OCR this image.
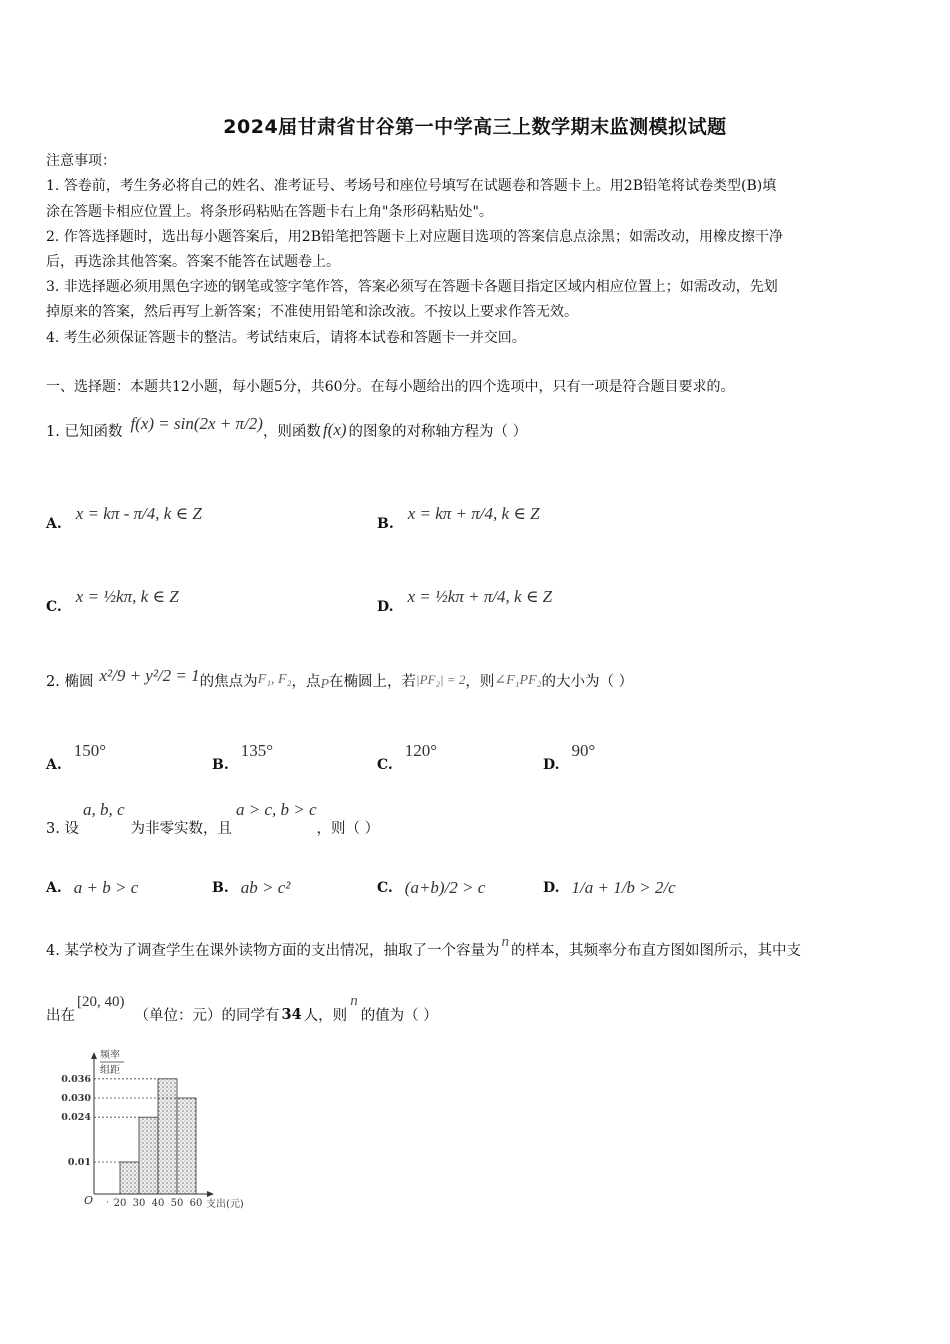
2024届甘肃省甘谷第一中学高三上数学期末监测模拟试题
注意事项：
1. 答卷前，考生务必将自己的姓名、准考证号、考场号和座位号填写在试题卷和答题卡上。用2B铅笔将试卷类型(B)填
涂在答题卡相应位置上。将条形码粘贴在答题卡右上角"条形码粘贴处"。
2. 作答选择题时，选出每小题答案后，用2B铅笔把答题卡上对应题目选项的答案信息点涂黑；如需改动，用橡皮擦干净
后，再选涂其他答案。答案不能答在试题卷上。
3. 非选择题必须用黑色字迹的钢笔或签字笔作答，答案必须写在答题卡各题目指定区域内相应位置上；如需改动，先划
掉原来的答案，然后再写上新答案；不准使用铅笔和涂改液。不按以上要求作答无效。
4. 考生必须保证答题卡的整洁。考试结束后，请将本试卷和答题卡一并交回。
一、选择题：本题共12小题，每小题5分，共60分。在每小题给出的四个选项中，只有一项是符合题目要求的。
1. 已知函数 f(x) = sin(2x + π/2) ，则函数 f(x) 的图象的对称轴方程为（ ）
A.
x = kπ - π/4, k ∈ Z
B.
x = kπ + π/4, k ∈ Z
C.
x = ½kπ, k ∈ Z
D.
x = ½kπ + π/4, k ∈ Z
2. 椭圆 x²/9 + y²/2 = 1 的焦点为 F₁, F₂ ，点 P 在椭圆上，若 |PF₂| = 2 ，则 ∠F₁PF₂ 的大小为（ ）
A.
150°
B.
135°
C.
120°
D.
90°
3. 设
a, b, c
为非零实数，且
a > c, b > c
，则（ ）
A. a + b > c	B. ab > c²	C. (a+b)/2 > c	D. 1/a + 1/b > 2/c
4. 某学校为了调查学生在课外读物方面的支出情况，抽取了一个容量为
n
的样本，其频率分布直方图如图所示，其中支
出在
[20, 40)
（单位：元）的同学有 34 人，则
n
的值为（ ）
频率
组距
O	支出(元)
0.01
0.024
0.030
0.036
· 20 30 40 50 60
